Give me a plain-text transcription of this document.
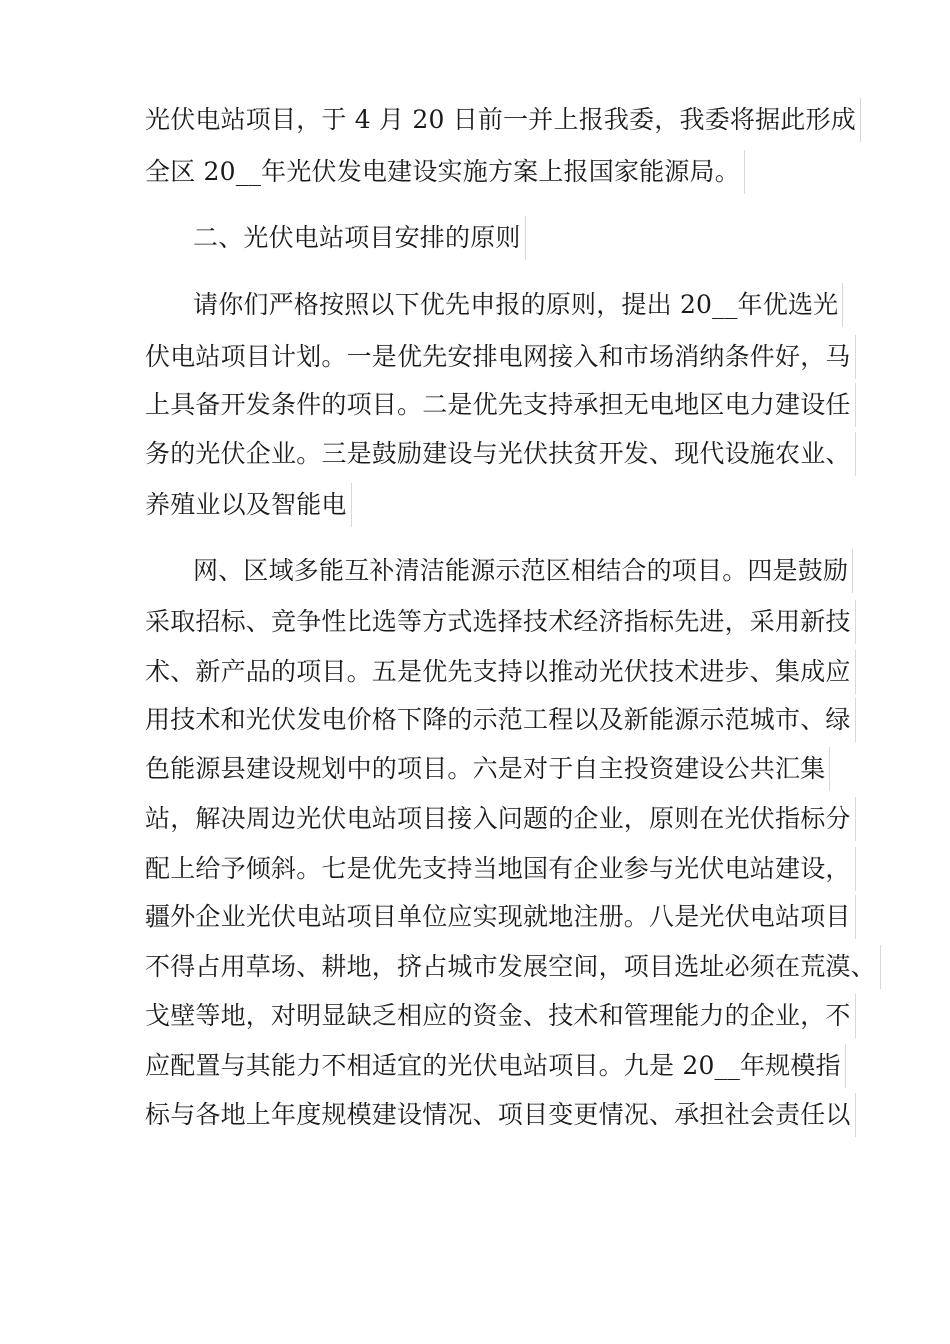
光伏电站项目，于 4 月 20 日前一并上报我委，我委将据此形成
全区 20__年光伏发电建设实施方案上报国家能源局。
二、光伏电站项目安排的原则
请你们严格按照以下优先申报的原则，提出 20__年优选光
伏电站项目计划。一是优先安排电网接入和市场消纳条件好，马
上具备开发条件的项目。二是优先支持承担无电地区电力建设任
务的光伏企业。三是鼓励建设与光伏扶贫开发、现代设施农业、
养殖业以及智能电
网、区域多能互补清洁能源示范区相结合的项目。四是鼓励
采取招标、竞争性比选等方式选择技术经济指标先进，采用新技
术、新产品的项目。五是优先支持以推动光伏技术进步、集成应
用技术和光伏发电价格下降的示范工程以及新能源示范城市、绿
色能源县建设规划中的项目。六是对于自主投资建设公共汇集
站，解决周边光伏电站项目接入问题的企业，原则在光伏指标分
配上给予倾斜。七是优先支持当地国有企业参与光伏电站建设，
疆外企业光伏电站项目单位应实现就地注册。八是光伏电站项目
不得占用草场、耕地，挤占城市发展空间，项目选址必须在荒漠、
戈壁等地，对明显缺乏相应的资金、技术和管理能力的企业，不
应配置与其能力不相适宜的光伏电站项目。九是 20__年规模指
标与各地上年度规模建设情况、项目变更情况、承担社会责任以
